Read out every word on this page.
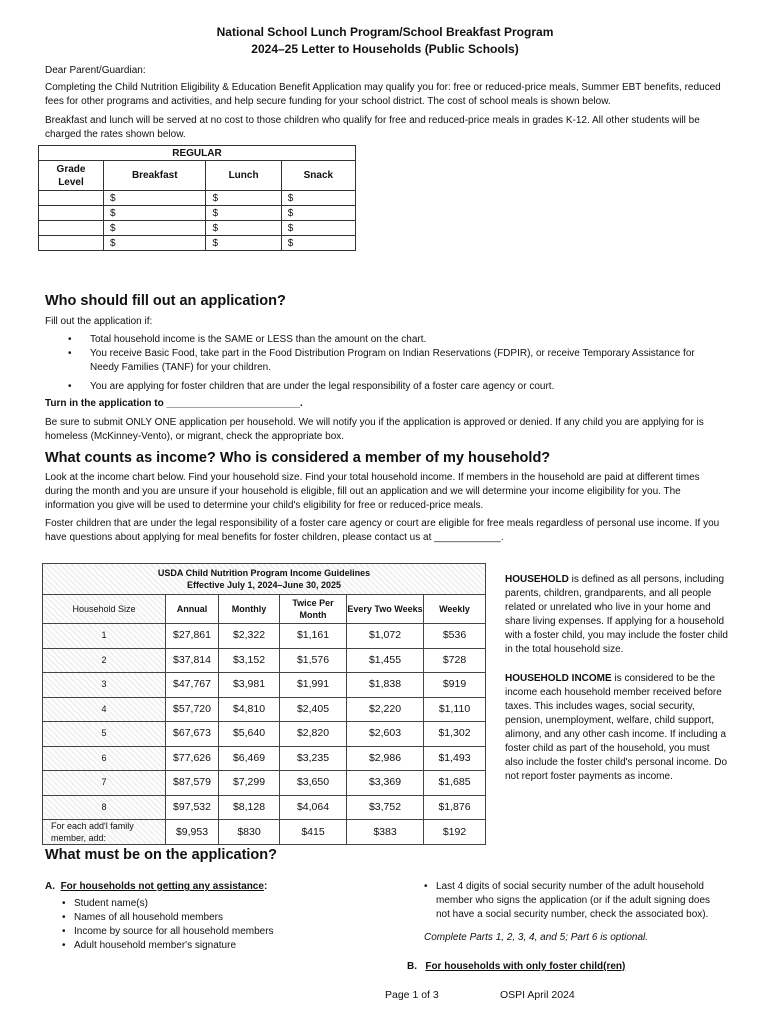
National School Lunch Program/School Breakfast Program
2024–25 Letter to Households (Public Schools)
Dear Parent/Guardian:
Completing the Child Nutrition Eligibility & Education Benefit Application may qualify you for: free or reduced-price meals, Summer EBT benefits, reduced fees for other programs and activities, and help secure funding for your school district. The cost of school meals is shown below.
Breakfast and lunch will be served at no cost to those children who qualify for free and reduced-price meals in grades K-12. All other students will be charged the rates shown below.
REGULAR			
Grade Level	Breakfast	Lunch	Snack
	$	$	$
	$	$	$
	$	$	$
	$	$	$
Who should fill out an application?
Fill out the application if:
• Total household income is the SAME or LESS than the amount on the chart.
• You receive Basic Food, take part in the Food Distribution Program on Indian Reservations (FDPIR), or receive Temporary Assistance for Needy Families (TANF) for your children.
• You are applying for foster children that are under the legal responsibility of a foster care agency or court.
Turn in the application to ________________________.
Be sure to submit ONLY ONE application per household. We will notify you if the application is approved or denied. If any child you are applying for is homeless (McKinney-Vento), or migrant, check the appropriate box.
What counts as income? Who is considered a member of my household?
Look at the income chart below. Find your household size. Find your total household income. If members in the household are paid at different times during the month and you are unsure if your household is eligible, fill out an application and we will determine your income eligibility for you. The information you give will be used to determine your child's eligibility for free or reduced-price meals.
Foster children that are under the legal responsibility of a foster care agency or court are eligible for free meals regardless of personal use income. If you have questions about applying for meal benefits for foster children, please contact us at ____________.
USDA Child Nutrition Program Income Guidelines
Effective July 1, 2024–June 30, 2025					

Household Size	Annual	Monthly	Twice Per Month	Every Two Weeks	Weekly
1	$27,861	$2,322	$1,161	$1,072	$536
2	$37,814	$3,152	$1,576	$1,455	$728
3	$47,767	$3,981	$1,991	$1,838	$919
4	$57,720	$4,810	$2,405	$2,220	$1,110
5	$67,673	$5,640	$2,820	$2,603	$1,302
6	$77,626	$6,469	$3,235	$2,986	$1,493
7	$87,579	$7,299	$3,650	$3,369	$1,685
8	$97,532	$8,128	$4,064	$3,752	$1,876
For each add'l family member, add:	$9,953	$830	$415	$383	$192
HOUSEHOLD is defined as all persons, including parents, children, grandparents, and all people related or unrelated who live in your home and share living expenses. If applying for a household with a foster child, you may include the foster child in the total household size.
HOUSEHOLD INCOME is considered to be the income each household member received before taxes. This includes wages, social security, pension, unemployment, welfare, child support, alimony, and any other cash income. If including a foster child as part of the household, you must also include the foster child's personal income. Do not report foster payments as income.
What must be on the application?
A. For households not getting any assistance:
• Student name(s)
• Names of all household members
• Income by source for all household members
• Adult household member's signature
• Last 4 digits of social security number of the adult household member who signs the application (or if the adult signing does not have a social security number, check the associated box).
Complete Parts 1, 2, 3, 4, and 5; Part 6 is optional.
B. For households with only foster child(ren)
Page 1 of 3	OSPI April 2024
